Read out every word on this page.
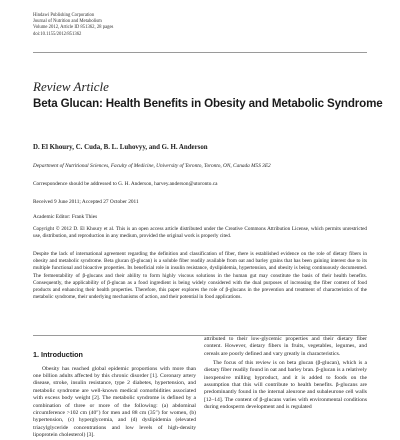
Hindawi Publishing Corporation
Journal of Nutrition and Metabolism
Volume 2012, Article ID 851362, 28 pages
doi:10.1155/2012/851362
Review Article
Beta Glucan: Health Benefits in Obesity and Metabolic Syndrome
D. El Khoury, C. Cuda, B. L. Luhovyy, and G. H. Anderson
Department of Nutritional Sciences, Faculty of Medicine, University of Toronto, Toronto, ON, Canada M5S 3E2
Correspondence should be addressed to G. H. Anderson, harvey.anderson@utoronto.ca
Received 9 June 2011; Accepted 27 October 2011
Academic Editor: Frank Thies
Copyright © 2012 D. El Khoury et al. This is an open access article distributed under the Creative Commons Attribution License, which permits unrestricted use, distribution, and reproduction in any medium, provided the original work is properly cited.
Despite the lack of international agreement regarding the definition and classification of fiber, there is established evidence on the role of dietary fibers in obesity and metabolic syndrome. Beta glucan (β-glucan) is a soluble fiber readily available from oat and barley grains that has been gaining interest due to its multiple functional and bioactive properties. Its beneficial role in insulin resistance, dyslipidemia, hypertension, and obesity is being continuously documented. The fermentability of β-glucans and their ability to form highly viscous solutions in the human gut may constitute the basis of their health benefits. Consequently, the applicability of β-glucan as a food ingredient is being widely considered with the dual purposes of increasing the fiber content of food products and enhancing their health properties. Therefore, this paper explores the role of β-glucans in the prevention and treatment of characteristics of the metabolic syndrome, their underlying mechanisms of action, and their potential in food applications.
1. Introduction
Obesity has reached global epidemic proportions with more than one billion adults affected by this chronic disorder [1]. Coronary artery disease, stroke, insulin resistance, type 2 diabetes, hypertension, and metabolic syndrome are well-known medical comorbidities associated with excess body weight [2]. The metabolic syndrome is defined by a combination of three or more of the following: (a) abdominal circumference >102 cm (40″) for men and 88 cm (35″) for women, (b) hypertension, (c) hyperglycemia, and (d) dyslipidemia (elevated triacylglyceride concentrations and low levels of high-density lipoprotein cholesterol) [3].
attributed to their low-glycemic properties and their dietary fiber content. However, dietary fibers in fruits, vegetables, legumes, and cereals are poorly defined and vary greatly in characteristics.
The focus of this review is on beta glucan (β-glucan), which is a dietary fiber readily found in oat and barley bran. β-glucan is a relatively inexpensive milling byproduct, and it is added to foods on the assumption that this will contribute to health benefits. β-glucans are predominantly found in the internal aleurone and subaleurone cell walls [12–14]. The content of β-glucans varies with environmental conditions during endosperm development and is regulated
